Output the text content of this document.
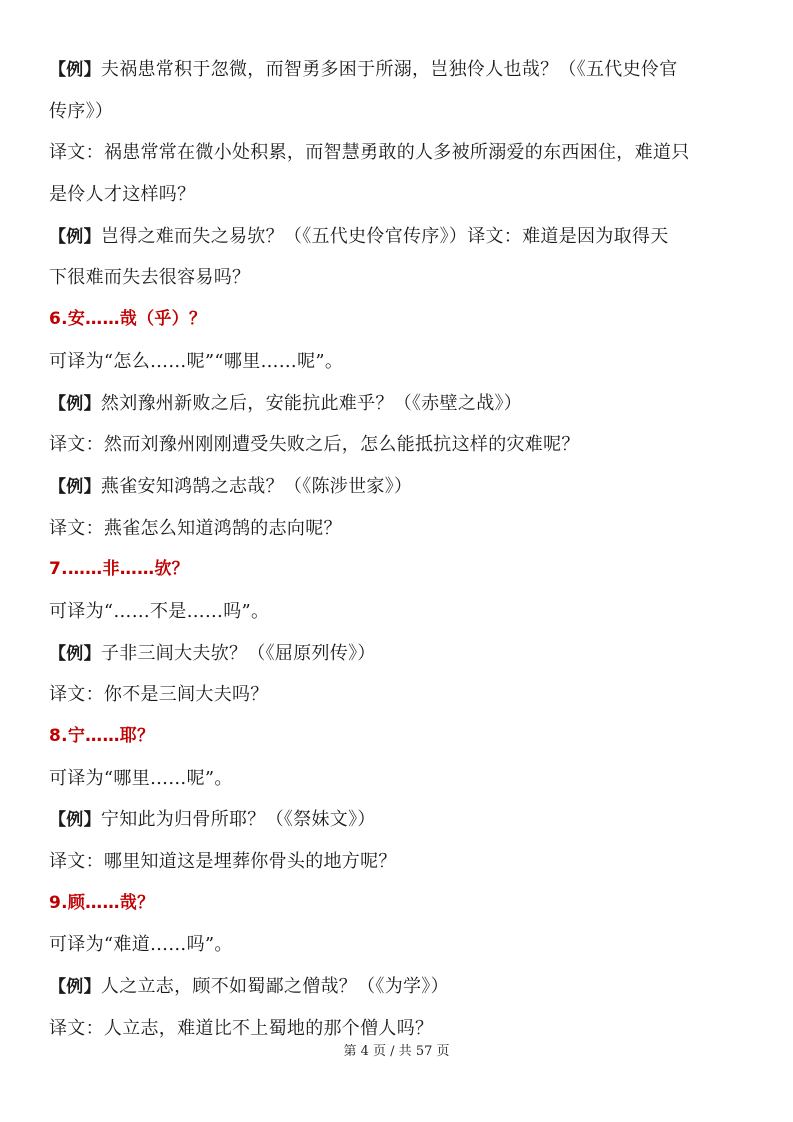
【例】夫祸患常积于忽微，而智勇多困于所溺，岂独伶人也哉？（《五代史伶官
传序》）
译文：祸患常常在微小处积累，而智慧勇敢的人多被所溺爱的东西困住，难道只
是伶人才这样吗？
【例】岂得之难而失之易欤？（《五代史伶官传序》）译文：难道是因为取得天
下很难而失去很容易吗？
6.安……哉（乎）？
可译为“怎么……呢”“哪里……呢”。
【例】然刘豫州新败之后，安能抗此难乎？（《赤壁之战》）
译文：然而刘豫州刚刚遭受失败之后，怎么能抵抗这样的灾难呢？
【例】燕雀安知鸿鹄之志哉？（《陈涉世家》）
译文：燕雀怎么知道鸿鹄的志向呢？
7.……非……欤？
可译为“……不是……吗”。
【例】子非三闾大夫欤？（《屈原列传》）
译文：你不是三闾大夫吗？
8.宁……耶？
可译为“哪里……呢”。
【例】宁知此为归骨所耶？（《祭妹文》）
译文：哪里知道这是埋葬你骨头的地方呢？
9.顾……哉？
可译为“难道……吗”。
【例】人之立志，顾不如蜀鄙之僧哉？（《为学》）
译文：人立志，难道比不上蜀地的那个僧人吗？
第 4 页 / 共 57 页
